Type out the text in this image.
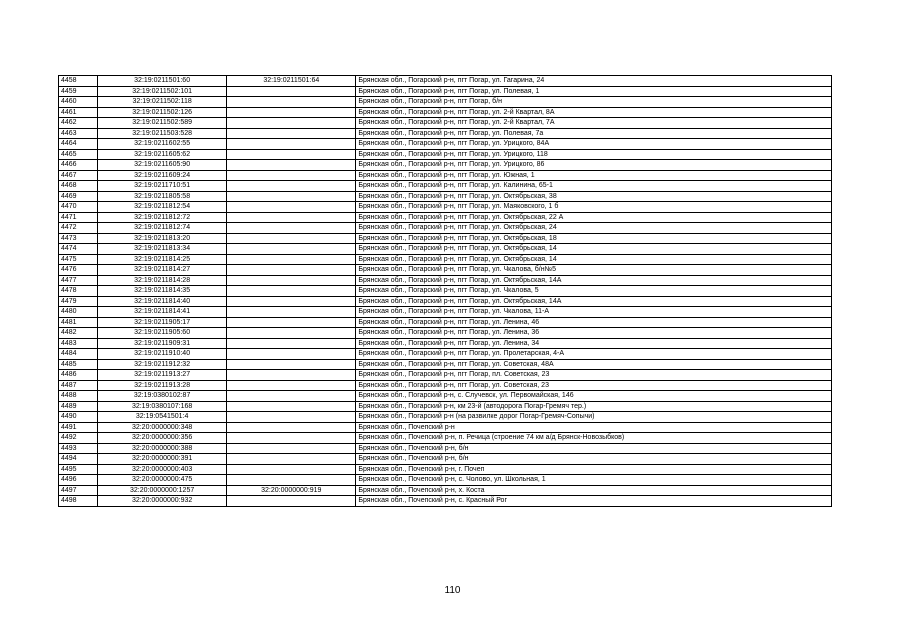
4458	32:19:0211501:60	32:19:0211501:64	Брянская обл., Погарский р-н, пгт Погар, ул. Гагарина, 24
4459	32:19:0211502:101		Брянская обл., Погарский р-н, пгт Погар, ул. Полевая, 1
4460	32:19:0211502:118		Брянская обл., Погарский р-н, пгт Погар, б/н
4461	32:19:0211502:126		Брянская обл., Погарский р-н, пгт Погар, ул. 2-й Квартал, 8А
4462	32:19:0211502:589		Брянская обл., Погарский р-н, пгт Погар, ул. 2-й Квартал, 7А
4463	32:19:0211503:528		Брянская обл., Погарский р-н, пгт Погар, ул. Полевая, 7а
4464	32:19:0211602:55		Брянская обл., Погарский р-н, пгт Погар, ул. Урицкого, 84А
4465	32:19:0211605:62		Брянская обл., Погарский р-н, пгт Погар, ул. Урицкого, 118
4466	32:19:0211605:90		Брянская обл., Погарский р-н, пгт Погар, ул. Урицкого, 86
4467	32:19:0211609:24		Брянская обл., Погарский р-н, пгт Погар, ул. Южная, 1
4468	32:19:0211710:51		Брянская обл., Погарский р-н, пгт Погар, ул. Калинина, 65-1
4469	32:19:0211805:58		Брянская обл., Погарский р-н, пгт Погар, ул. Октябрьская, 38
4470	32:19:0211812:54		Брянская обл., Погарский р-н, пгт Погар, ул. Маяковского, 1 б
4471	32:19:0211812:72		Брянская обл., Погарский р-н, пгт Погар, ул. Октябрьская, 22 А
4472	32:19:0211812:74		Брянская обл., Погарский р-н, пгт Погар, ул. Октябрьская, 24
4473	32:19:0211813:20		Брянская обл., Погарский р-н, пгт Погар, ул. Октябрьская, 18
4474	32:19:0211813:34		Брянская обл., Погарский р-н, пгт Погар, ул. Октябрьская, 14
4475	32:19:0211814:25		Брянская обл., Погарский р-н, пгт Погар, ул. Октябрьская, 14
4476	32:19:0211814:27		Брянская обл., Погарский р-н, пгт Погар, ул. Чкалова, б/н№5
4477	32:19:0211814:28		Брянская обл., Погарский р-н, пгт Погар, ул. Октябрьская, 14А
4478	32:19:0211814:35		Брянская обл., Погарский р-н, пгт Погар, ул. Чкалова, 5
4479	32:19:0211814:40		Брянская обл., Погарский р-н, пгт Погар, ул. Октябрьская, 14А
4480	32:19:0211814:41		Брянская обл., Погарский р-н, пгт Погар, ул. Чкалова, 11-А
4481	32:19:0211905:17		Брянская обл., Погарский р-н, пгт Погар, ул. Ленина, 46
4482	32:19:0211905:60		Брянская обл., Погарский р-н, пгт Погар, ул. Ленина, 36
4483	32:19:0211909:31		Брянская обл., Погарский р-н, пгт Погар, ул. Ленина, 34
4484	32:19:0211910:40		Брянская обл., Погарский р-н, пгт Погар, ул. Пролетарская, 4-А
4485	32:19:0211912:32		Брянская обл., Погарский р-н, пгт Погар, ул. Советская, 48А
4486	32:19:0211913:27		Брянская обл., Погарский р-н, пгт Погар, пл. Советская, 23
4487	32:19:0211913:28		Брянская обл., Погарский р-н, пгт Погар, ул. Советская, 23
4488	32:19:0380102:87		Брянская обл., Погарский р-н, с. Случевск, ул. Первомайская, 146
4489	32:19:0380107:168		Брянская обл., Погарский р-н, км 23-й (автодорога Погар-Гремяч тер.)
4490	32:19:0541501:4		Брянская обл., Погарский р-н (на развилке дорог Погар-Гремяч-Сопычи)
4491	32:20:0000000:348		Брянская обл., Почепский р-н
4492	32:20:0000000:356		Брянская обл., Почепский р-н, п. Речица (строение 74 км а/д Брянск-Новозыбков)
4493	32:20:0000000:388		Брянская обл., Почепский р-н, б/н
4494	32:20:0000000:391		Брянская обл., Почепский р-н, б/н
4495	32:20:0000000:403		Брянская обл., Почепский р-н, г. Почеп
4496	32:20:0000000:475		Брянская обл., Почепский р-н, с. Чолово, ул. Школьная, 1
4497	32:20:0000000:1257	32:20:0000000:919	Брянская обл., Почепский р-н, х. Коста
4498	32:20:0000000:932		Брянская обл., Почепский р-н, с. Красный Рог
110
